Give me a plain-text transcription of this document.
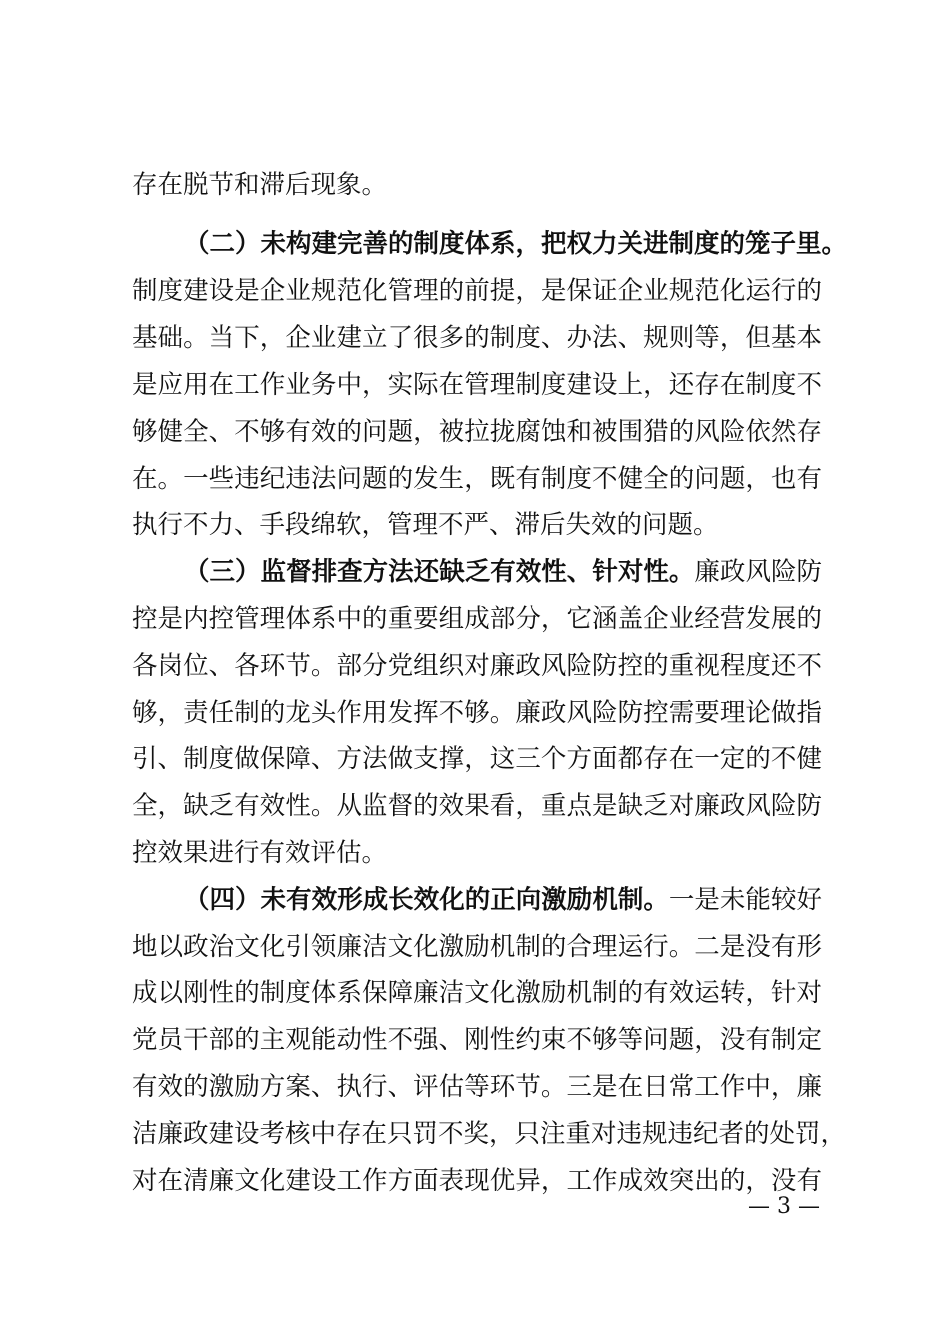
存在脱节和滞后现象。
（二）未构建完善的制度体系，把权力关进制度的笼子里。
制度建设是企业规范化管理的前提，是保证企业规范化运行的
基础。当下，企业建立了很多的制度、办法、规则等，但基本
是应用在工作业务中，实际在管理制度建设上，还存在制度不
够健全、不够有效的问题，被拉拢腐蚀和被围猎的风险依然存
在。一些违纪违法问题的发生，既有制度不健全的问题，也有
执行不力、手段绵软，管理不严、滞后失效的问题。
（三）监督排查方法还缺乏有效性、针对性。廉政风险防
控是内控管理体系中的重要组成部分，它涵盖企业经营发展的
各岗位、各环节。部分党组织对廉政风险防控的重视程度还不
够，责任制的龙头作用发挥不够。廉政风险防控需要理论做指
引、制度做保障、方法做支撑，这三个方面都存在一定的不健
全，缺乏有效性。从监督的效果看，重点是缺乏对廉政风险防
控效果进行有效评估。
（四）未有效形成长效化的正向激励机制。一是未能较好
地以政治文化引领廉洁文化激励机制的合理运行。二是没有形
成以刚性的制度体系保障廉洁文化激励机制的有效运转，针对
党员干部的主观能动性不强、刚性约束不够等问题，没有制定
有效的激励方案、执行、评估等环节。三是在日常工作中，廉
洁廉政建设考核中存在只罚不奖，只注重对违规违纪者的处罚，
对在清廉文化建设工作方面表现优异，工作成效突出的，没有
— 3 —
